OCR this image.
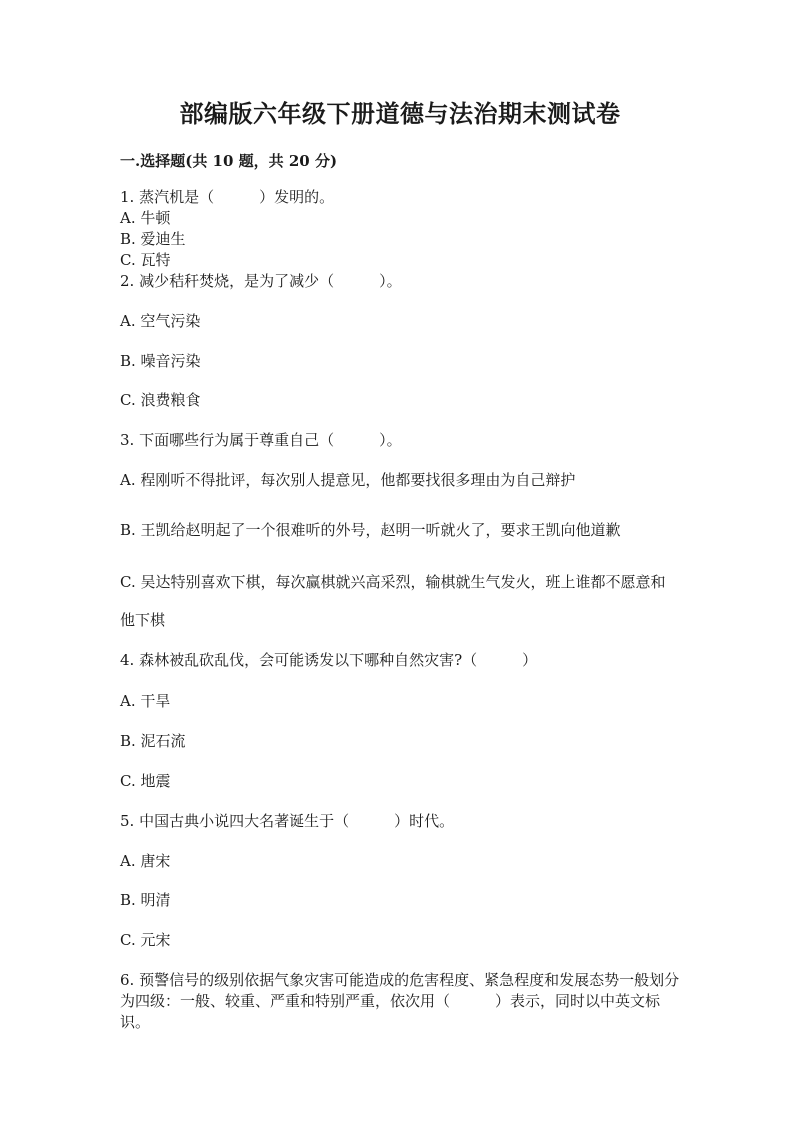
部编版六年级下册道德与法治期末测试卷
一.选择题(共 10 题，共 20 分)
1. 蒸汽机是（　　　）发明的。
A. 牛顿
B. 爱迪生
C. 瓦特
2. 减少秸秆焚烧，是为了减少（　　　）。
A. 空气污染
B. 噪音污染
C. 浪费粮食
3. 下面哪些行为属于尊重自己（　　　）。
A. 程刚听不得批评，每次别人提意见，他都要找很多理由为自己辩护
B. 王凯给赵明起了一个很难听的外号，赵明一听就火了，要求王凯向他道歉
C. 吴达特别喜欢下棋，每次赢棋就兴高采烈，输棋就生气发火，班上谁都不愿意和他下棋
4. 森林被乱砍乱伐，会可能诱发以下哪种自然灾害?（　　　）
A. 干旱
B. 泥石流
C. 地震
5. 中国古典小说四大名著诞生于（　　　）时代。
A. 唐宋
B. 明清
C. 元宋
6. 预警信号的级别依据气象灾害可能造成的危害程度、紧急程度和发展态势一般划分为四级：一般、较重、严重和特别严重，依次用（　　　）表示，同时以中英文标识。
